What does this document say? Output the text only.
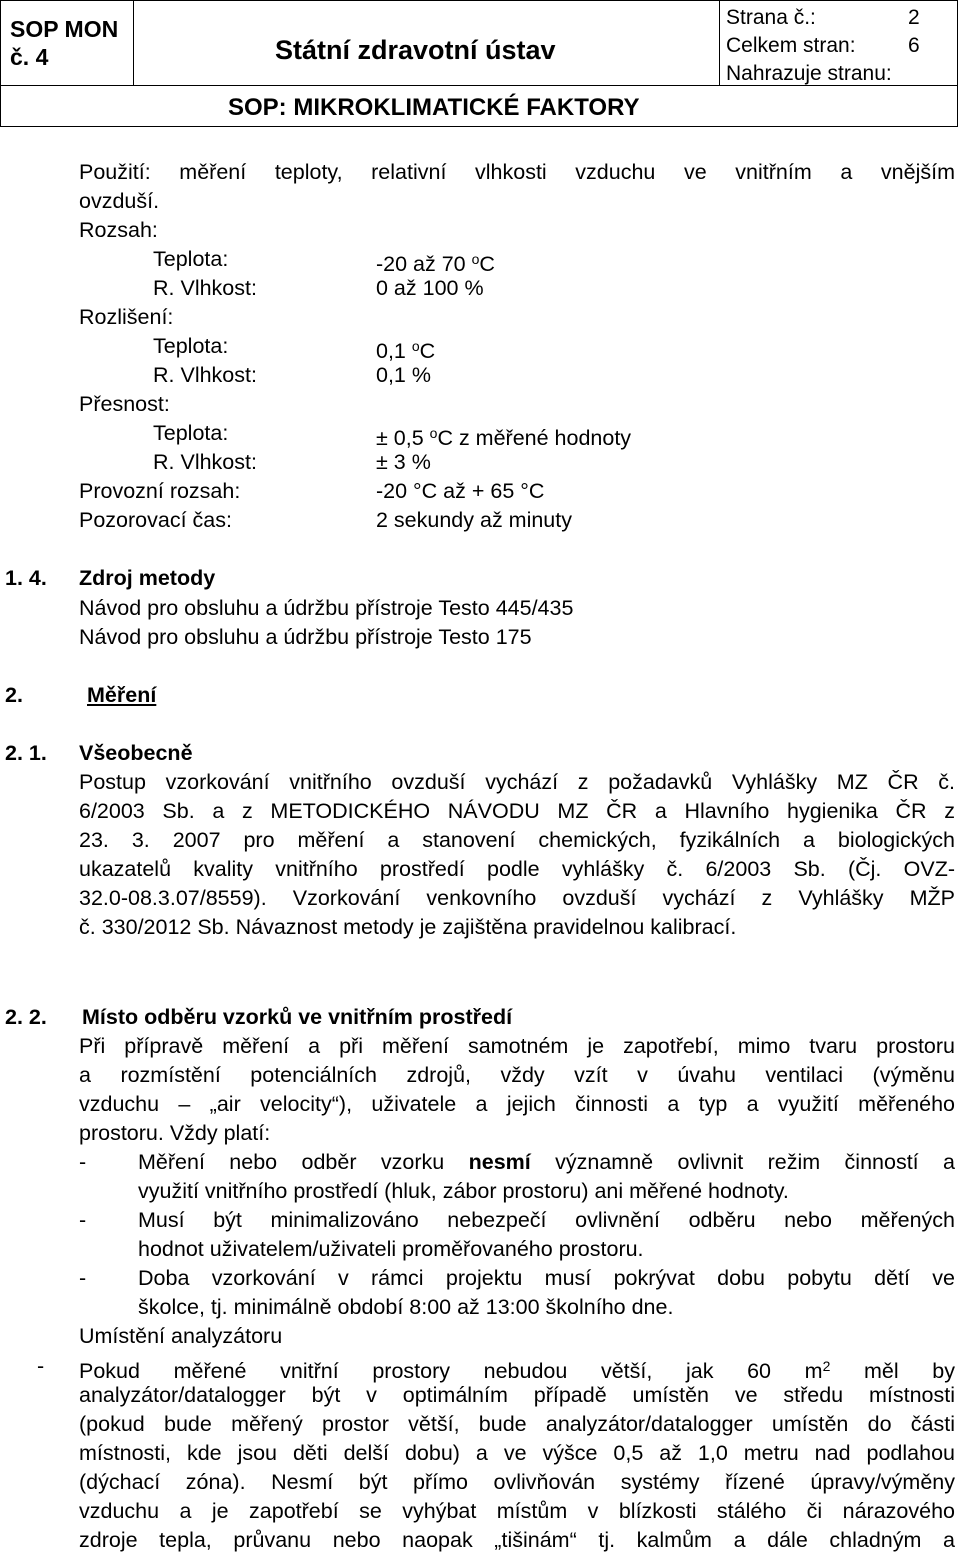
SOP MON
č. 4	Státní zdravotní ústav
Strana č.:	2
Celkem stran: 6
Nahrazuje stranu:
SOP: MIKROKLIMATICKÉ FAKTORY
Použití: měření teploty, relativní vlhkosti vzduchu ve vnitřním a vnějším
ovzduší.
Rozsah:
Teplota:	-20 až 70 $^o$C
R. Vlhkost:	0 až 100 %
Rozlišení:
Teplota:	0,1 $^o$C
R. Vlhkost:	0,1 %
Přesnost:
Teplota:	± 0,5 $^o$C z měřené hodnoty
R. Vlhkost:	± 3 %
Provozní rozsah:	-20 °C až + 65 °C
Pozorovací čas:	2 sekundy až minuty
1. 4. Zdroj metody
Návod pro obsluhu a údržbu přístroje Testo 445/435
Návod pro obsluhu a údržbu přístroje Testo 175
2.	Měření
2. 1. Všeobecně
Postup vzorkování vnitřního ovzduší vychází z požadavků Vyhlášky MZ ČR č.
6/2003 Sb. a z METODICKÉHO NÁVODU MZ ČR a Hlavního hygienika ČR z
23. 3. 2007 pro měření a stanovení chemických, fyzikálních a biologických
ukazatelů kvality vnitřního prostředí podle vyhlášky č. 6/2003 Sb. (Čj. OVZ-
32.0-08.3.07/8559). Vzorkování venkovního ovzduší vychází z Vyhlášky MŽP
č. 330/2012 Sb. Návaznost metody je zajištěna pravidelnou kalibrací.
2. 2. Místo odběru vzorků ve vnitřním prostředí
Při přípravě měření a při měření samotném je zapotřebí, mimo tvaru prostoru
a rozmístění potenciálních zdrojů, vždy vzít v úvahu ventilaci (výměnu
vzduchu – „air velocity“), uživatele a jejich činnosti a typ a využití měřeného
prostoru. Vždy platí:
- Měření nebo odběr vzorku nesmí významně ovlivnit režim činností a
využití vnitřního prostředí (hluk, zábor prostoru) ani měřené hodnoty.
- Musí být minimalizováno nebezpečí ovlivnění odběru nebo měřených
hodnot uživatelem/uživateli proměřovaného prostoru.
- Doba vzorkování v rámci projektu musí pokrývat dobu pobytu dětí ve
školce, tj. minimálně období 8:00 až 13:00 školního dne.
Umístění analyzátoru
- Pokud měřené vnitřní prostory nebudou větší, jak 60 $m^2$ měl by
analyzátor/datalogger být v optimálním případě umístěn ve středu místnosti
(pokud bude měřený prostor větší, bude analyzátor/datalogger umístěn do části
místnosti, kde jsou děti delší dobu) a ve výšce 0,5 až 1,0 metru nad podlahou
(dýchací zóna). Nesmí být přímo ovlivňován systémy řízené úpravy/výměny
vzduchu a je zapotřebí se vyhýbat místům v blízkosti stálého či nárazového
zdroje tepla, průvanu nebo naopak „tišinám“ tj. kalmům a dále chladným a
